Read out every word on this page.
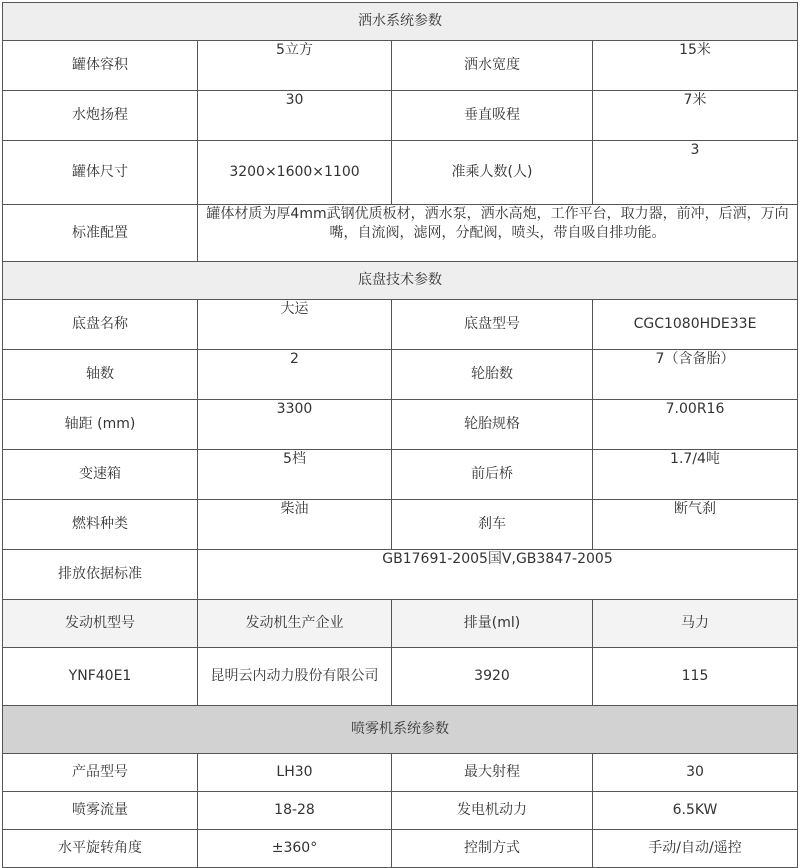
洒水系统参数			
罐体容积	5立方	洒水宽度	15米
水炮扬程	30	垂直吸程	7米
罐体尺寸	3200×1600×1100	准乘人数(人)	3
标准配置	罐体材质为厚4mm武钢优质板材，洒水泵，洒水高炮，工作平台，取力器，前冲，后洒，万向嘴，自流阀，滤网，分配阀，喷头，带自吸自排功能。		
底盘技术参数			
底盘名称	大运	底盘型号	CGC1080HDE33E
轴数	2	轮胎数	7（含备胎）
轴距 (mm)	3300	轮胎规格	7.00R16
变速箱	5档	前后桥	1.7/4吨
燃料种类	柴油	刹车	断气刹
排放依据标准	GB17691-2005国Ⅴ,GB3847-2005		
发动机型号	发动机生产企业	排量(ml)	马力
YNF40E1	昆明云内动力股份有限公司	3920	115
喷雾机系统参数			
产品型号	LH30	最大射程	30
喷雾流量	18-28	发电机动力	6.5KW
水平旋转角度	±360°	控制方式	手动/自动/遥控
